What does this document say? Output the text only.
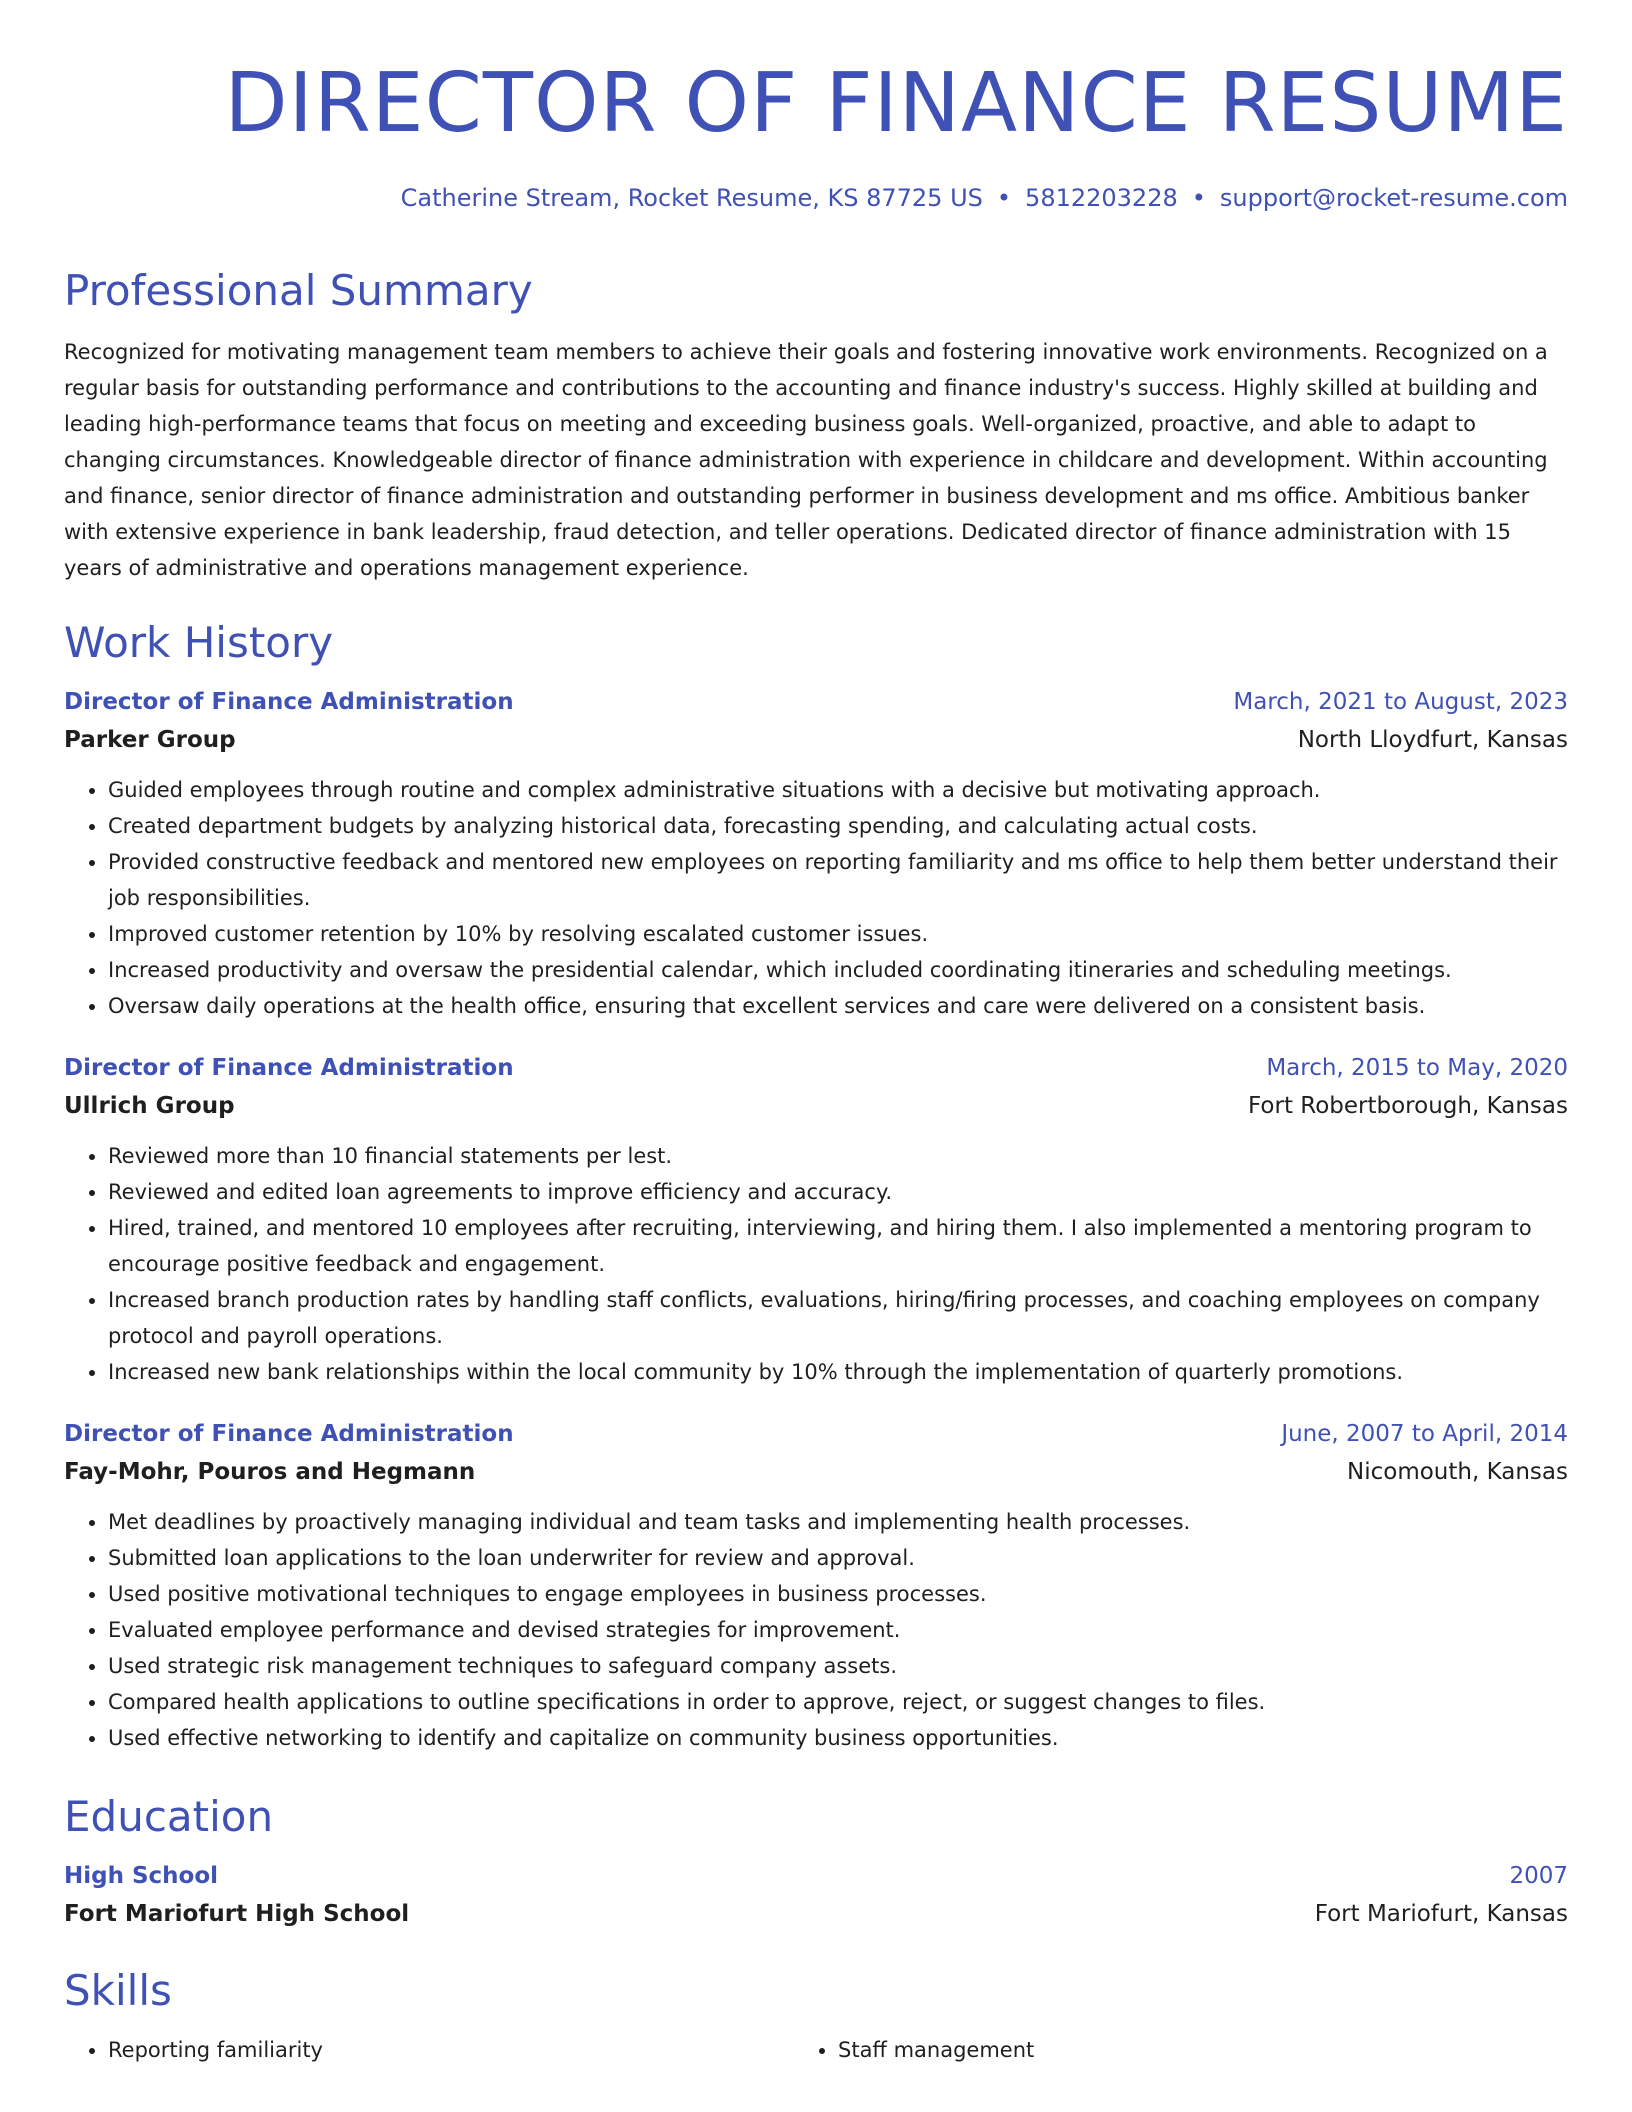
DIRECTOR OF FINANCE RESUME
Catherine Stream, Rocket Resume, KS 87725 US • 5812203228 • support@rocket-resume.com
Professional Summary

Recognized for motivating management team members to achieve their goals and fostering innovative work environments. Recognized on a regular basis for outstanding performance and contributions to the accounting and finance industry's success. Highly skilled at building and leading high-performance teams that focus on meeting and exceeding business goals. Well-organized, proactive, and able to adapt to changing circumstances. Knowledgeable director of finance administration with experience in childcare and development. Within accounting and finance, senior director of finance administration and outstanding performer in business development and ms office. Ambitious banker with extensive experience in bank leadership, fraud detection, and teller operations. Dedicated director of finance administration with 15 years of administrative and operations management experience.

Work History
Director of Finance Administration	March, 2021 to August, 2023
Parker Group	North Lloydfurt, Kansas
• Guided employees through routine and complex administrative situations with a decisive but motivating approach.
• Created department budgets by analyzing historical data, forecasting spending, and calculating actual costs.
• Provided constructive feedback and mentored new employees on reporting familiarity and ms office to help them better understand their job responsibilities.
• Improved customer retention by 10% by resolving escalated customer issues.
• Increased productivity and oversaw the presidential calendar, which included coordinating itineraries and scheduling meetings.
• Oversaw daily operations at the health office, ensuring that excellent services and care were delivered on a consistent basis.
Director of Finance Administration	March, 2015 to May, 2020
Ullrich Group	Fort Robertborough, Kansas
• Reviewed more than 10 financial statements per lest.
• Reviewed and edited loan agreements to improve efficiency and accuracy.
• Hired, trained, and mentored 10 employees after recruiting, interviewing, and hiring them. I also implemented a mentoring program to encourage positive feedback and engagement.
• Increased branch production rates by handling staff conflicts, evaluations, hiring/firing processes, and coaching employees on company protocol and payroll operations.
• Increased new bank relationships within the local community by 10% through the implementation of quarterly promotions.
Director of Finance Administration	June, 2007 to April, 2014
Fay-Mohr, Pouros and Hegmann	Nicomouth, Kansas
• Met deadlines by proactively managing individual and team tasks and implementing health processes.
• Submitted loan applications to the loan underwriter for review and approval.
• Used positive motivational techniques to engage employees in business processes.
• Evaluated employee performance and devised strategies for improvement.
• Used strategic risk management techniques to safeguard company assets.
• Compared health applications to outline specifications in order to approve, reject, or suggest changes to files.
• Used effective networking to identify and capitalize on community business opportunities.
Education
High School	2007
Fort Mariofurt High School	Fort Mariofurt, Kansas
Skills
• Reporting familiarity
•	Staff management
